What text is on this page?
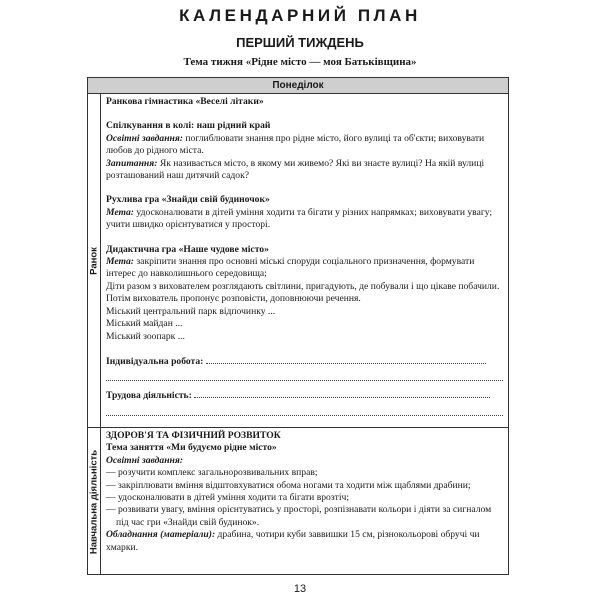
КАЛЕНДАРНИЙ ПЛАН
ПЕРШИЙ ТИЖДЕНЬ
Тема тижня «Рідне місто — моя Батьківщина»
Понеділок
Ранок

Ранкова гімнастика «Веселі літаки»

Спілкування в колі: наш рідний край

Освітні завдання: поглиблювати знання про рідне місто, його вулиці та об'єкти; виховувати любов до рідного міста.

Запитання: Як називається місто, в якому ми живемо? Які ви знаєте вулиці? На якій вулиці розташований наш дитячий садок?

Рухлива гра «Знайди свій будиночок»

Мета: удосконалювати в дітей уміння ходити та бігати у різних напрямках; виховувати увагу; учити швидко орієнтуватися у просторі.

Дидактична гра «Наше чудове місто»

Мета: закріпити знання про основні міські споруди соціального призначення, формувати інтерес до навколишнього середовища;

Діти разом з вихователем розглядають світлини, пригадують, де побували і що цікаве побачили. Потім вихователь пропонує розповісти, доповнюючи речення.

Міський центральний парк відпочинку ...

Міський майдан ...

Міський зоопарк ...

Індивідуальна робота:

Трудова діяльність:

Навчальна діяльність

ЗДОРОВ'Я ТА ФІЗИЧНИЙ РОЗВИТОК

Тема заняття «Ми будуємо рідне місто»

Освітні завдання:

— розучити комплекс загальнорозвивальних вправ;

— закріплювати вміння відштовхуватися обома ногами та ходити між щаблями драбини;

— удосконалювати в дітей уміння ходити та бігати врозтіч;

— розвивати увагу, вміння орієнтуватись у просторі, розпізнавати кольори і діяти за сигналом під час гри «Знайди свій будинок».

Обладнання (матеріали): драбина, чотири куби заввишки 15 см, різнокольорові обручі чи хмарки.

13
